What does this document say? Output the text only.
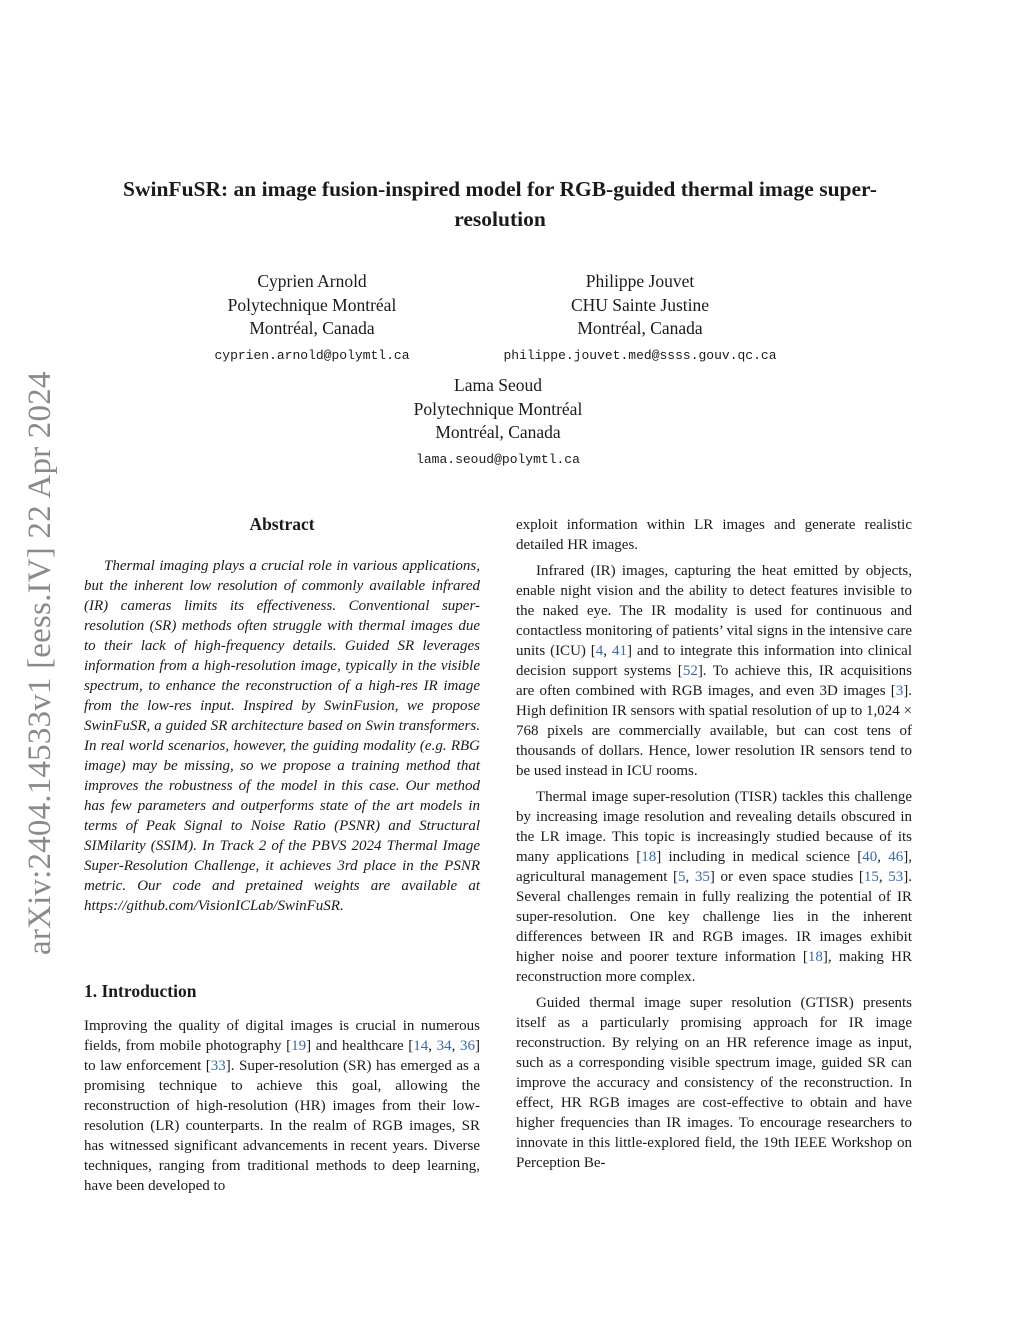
arXiv:2404.14533v1 [eess.IV] 22 Apr 2024
SwinFuSR: an image fusion-inspired model for RGB-guided thermal image super-resolution
Cyprien Arnold
Polytechnique Montréal
Montréal, Canada
cyprien.arnold@polymtl.ca
Philippe Jouvet
CHU Sainte Justine
Montréal, Canada
philippe.jouvet.med@ssss.gouv.qc.ca
Lama Seoud
Polytechnique Montréal
Montréal, Canada
lama.seoud@polymtl.ca
Abstract

Thermal imaging plays a crucial role in various applications, but the inherent low resolution of commonly available infrared (IR) cameras limits its effectiveness. Conventional super-resolution (SR) methods often struggle with thermal images due to their lack of high-frequency details. Guided SR leverages information from a high-resolution image, typically in the visible spectrum, to enhance the reconstruction of a high-res IR image from the low-res input. Inspired by SwinFusion, we propose SwinFuSR, a guided SR architecture based on Swin transformers. In real world scenarios, however, the guiding modality (e.g. RBG image) may be missing, so we propose a training method that improves the robustness of the model in this case. Our method has few parameters and outperforms state of the art models in terms of Peak Signal to Noise Ratio (PSNR) and Structural SIMilarity (SSIM). In Track 2 of the PBVS 2024 Thermal Image Super-Resolution Challenge, it achieves 3rd place in the PSNR metric. Our code and pretained weights are available at https://github.com/VisionICLab/SwinFuSR.

1. Introduction

Improving the quality of digital images is crucial in numerous fields, from mobile photography [19] and healthcare [14, 34, 36] to law enforcement [33]. Super-resolution (SR) has emerged as a promising technique to achieve this goal, allowing the reconstruction of high-resolution (HR) images from their low-resolution (LR) counterparts. In the realm of RGB images, SR has witnessed significant advancements in recent years. Diverse techniques, ranging from traditional methods to deep learning, have been developed to

exploit information within LR images and generate realistic detailed HR images.

Infrared (IR) images, capturing the heat emitted by objects, enable night vision and the ability to detect features invisible to the naked eye. The IR modality is used for continuous and contactless monitoring of patients’ vital signs in the intensive care units (ICU) [4, 41] and to integrate this information into clinical decision support systems [52]. To achieve this, IR acquisitions are often combined with RGB images, and even 3D images [3]. High definition IR sensors with spatial resolution of up to 1,024 × 768 pixels are commercially available, but can cost tens of thousands of dollars. Hence, lower resolution IR sensors tend to be used instead in ICU rooms.

Thermal image super-resolution (TISR) tackles this challenge by increasing image resolution and revealing details obscured in the LR image. This topic is increasingly studied because of its many applications [18] including in medical science [40, 46], agricultural management [5, 35] or even space studies [15, 53]. Several challenges remain in fully realizing the potential of IR super-resolution. One key challenge lies in the inherent differences between IR and RGB images. IR images exhibit higher noise and poorer texture information [18], making HR reconstruction more complex.

Guided thermal image super resolution (GTISR) presents itself as a particularly promising approach for IR image reconstruction. By relying on an HR reference image as input, such as a corresponding visible spectrum image, guided SR can improve the accuracy and consistency of the reconstruction. In effect, HR RGB images are cost-effective to obtain and have higher frequencies than IR images. To encourage researchers to innovate in this little-explored field, the 19th IEEE Workshop on Perception Be-
